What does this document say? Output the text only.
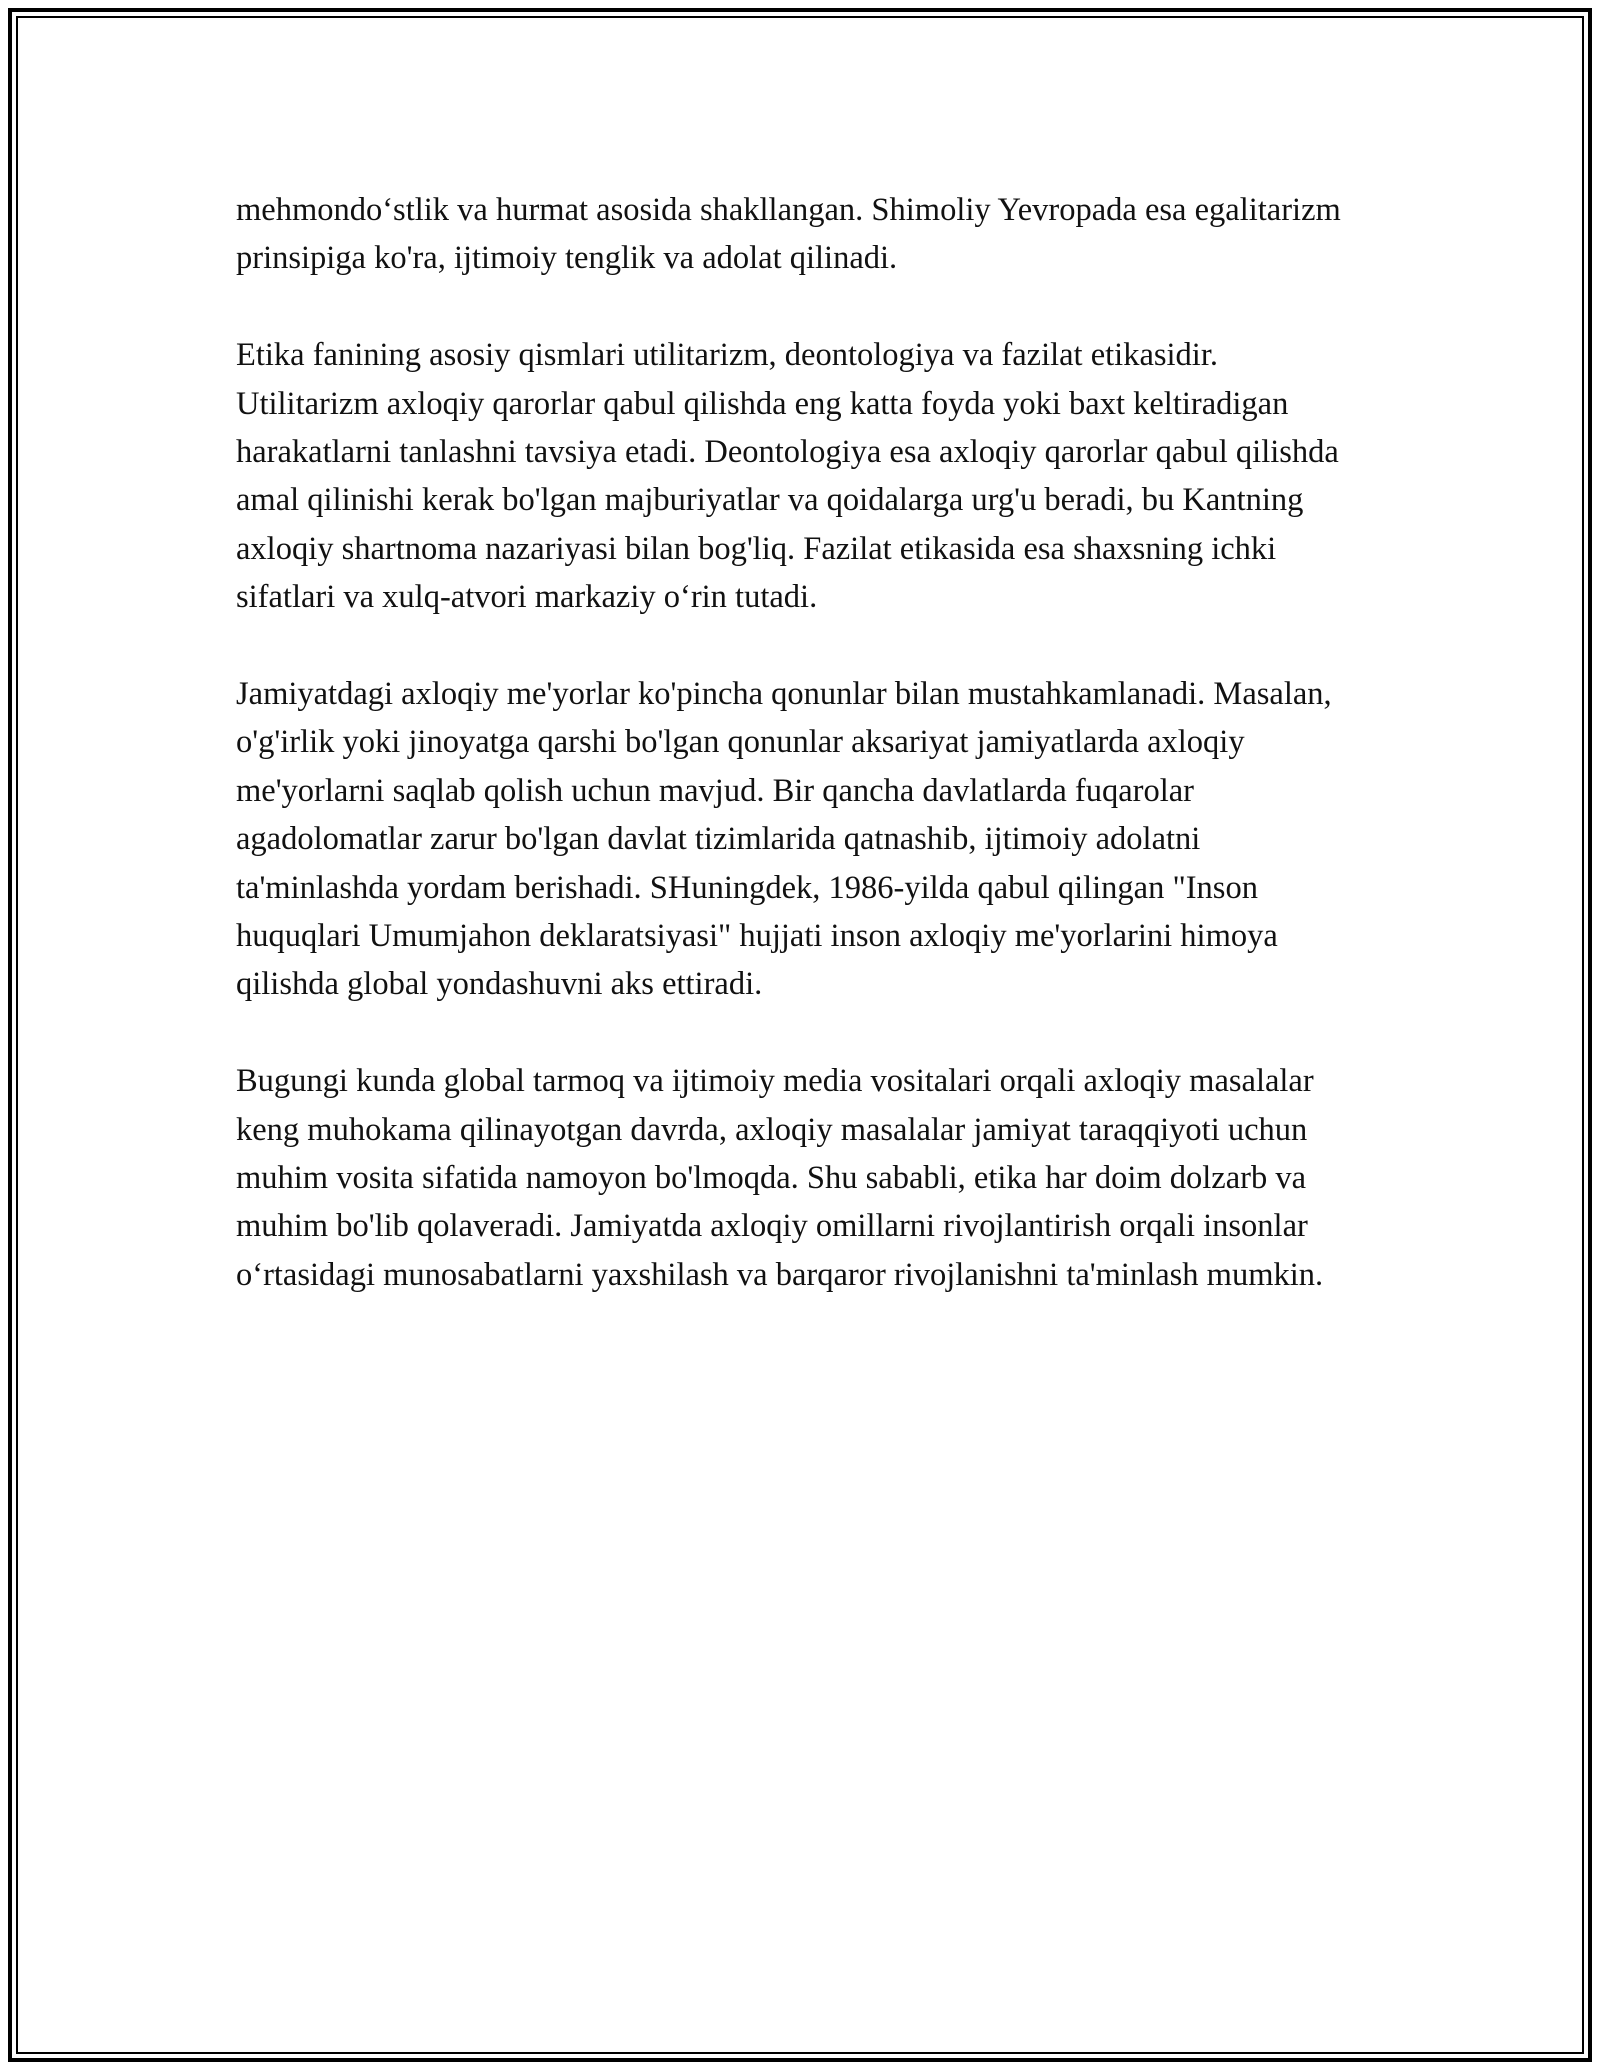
mehmondo‘stlik va hurmat asosida shakllangan. Shimoliy Yevropada esa egalitarizm prinsipiga ko'ra, ijtimoiy tenglik va adolat qilinadi.

Etika fanining asosiy qismlari utilitarizm, deontologiya va fazilat etikasidir. Utilitarizm axloqiy qarorlar qabul qilishda eng katta foyda yoki baxt keltiradigan harakatlarni tanlashni tavsiya etadi. Deontologiya esa axloqiy qarorlar qabul qilishda amal qilinishi kerak bo'lgan majburiyatlar va qoidalarga urg'u beradi, bu Kantning axloqiy shartnoma nazariyasi bilan bog'liq. Fazilat etikasida esa shaxsning ichki sifatlari va xulq-atvori markaziy o‘rin tutadi.

Jamiyatdagi axloqiy me'yorlar ko'pincha qonunlar bilan mustahkamlanadi. Masalan, o'g'irlik yoki jinoyatga qarshi bo'lgan qonunlar aksariyat jamiyatlarda axloqiy me'yorlarni saqlab qolish uchun mavjud. Bir qancha davlatlarda fuqarolar agadolomatlar zarur bo'lgan davlat tizimlarida qatnashib, ijtimoiy adolatni ta'minlashda yordam berishadi. SHuningdek, 1986-yilda qabul qilingan "Inson huquqlari Umumjahon deklaratsiyasi" hujjati inson axloqiy me'yorlarini himoya qilishda global yondashuvni aks ettiradi.

Bugungi kunda global tarmoq va ijtimoiy media vositalari orqali axloqiy masalalar keng muhokama qilinayotgan davrda, axloqiy masalalar jamiyat taraqqiyoti uchun muhim vosita sifatida namoyon bo'lmoqda. Shu sababli, etika har doim dolzarb va muhim bo'lib qolaveradi. Jamiyatda axloqiy omillarni rivojlantirish orqali insonlar o‘rtasidagi munosabatlarni yaxshilash va barqaror rivojlanishni ta'minlash mumkin.
